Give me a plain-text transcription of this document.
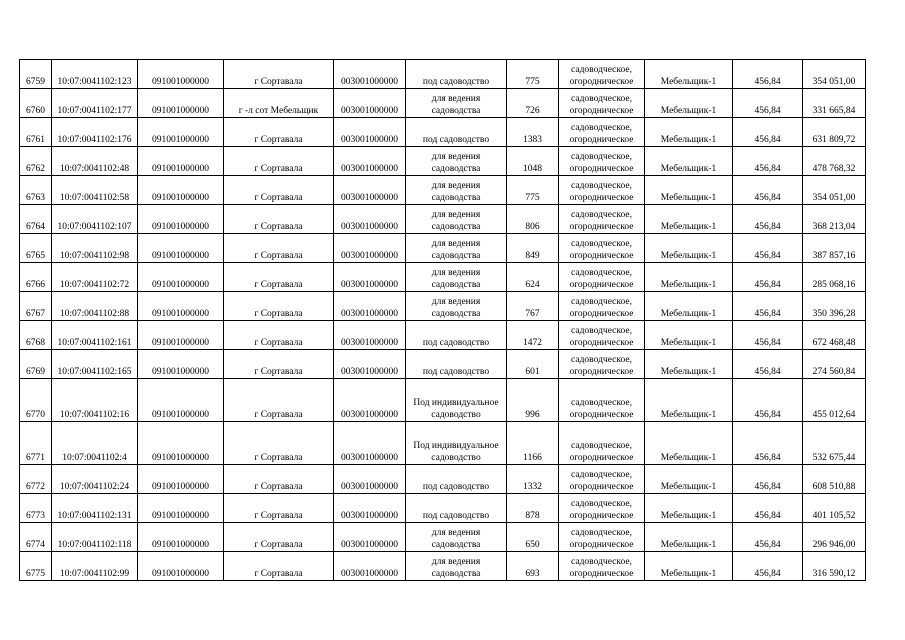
6759	10:07:0041102:123	091001000000	г Сортавала	003001000000	под садоводство	775	садоводческое,
огородническое	Мебельщик-1	456,84	354 051,00
6760	10:07:0041102:177	091001000000	г -л сот Мебельщик	003001000000	для ведения
садоводства	726	садоводческое,
огородническое	Мебельщик-1	456,84	331 665,84
6761	10:07:0041102:176	091001000000	г Сортавала	003001000000	под садоводство	1383	садоводческое,
огородническое	Мебельщик-1	456,84	631 809,72
6762	10:07:0041102:48	091001000000	г Сортавала	003001000000	для ведения
садоводства	1048	садоводческое,
огородническое	Мебельщик-1	456,84	478 768,32
6763	10:07:0041102:58	091001000000	г Сортавала	003001000000	для ведения
садоводства	775	садоводческое,
огородническое	Мебельщик-1	456,84	354 051,00
6764	10:07:0041102:107	091001000000	г Сортавала	003001000000	для ведения
садоводства	806	садоводческое,
огородническое	Мебельщик-1	456,84	368 213,04
6765	10:07:0041102:98	091001000000	г Сортавала	003001000000	для ведения
садоводства	849	садоводческое,
огородническое	Мебельщик-1	456,84	387 857,16
6766	10:07:0041102:72	091001000000	г Сортавала	003001000000	для ведения
садоводства	624	садоводческое,
огородническое	Мебельщик-1	456,84	285 068,16
6767	10:07:0041102:88	091001000000	г Сортавала	003001000000	для ведения
садоводства	767	садоводческое,
огородническое	Мебельщик-1	456,84	350 396,28
6768	10:07:0041102:161	091001000000	г Сортавала	003001000000	под садоводство	1472	садоводческое,
огородническое	Мебельщик-1	456,84	672 468,48
6769	10:07:0041102:165	091001000000	г Сортавала	003001000000	под садоводство	601	садоводческое,
огородническое	Мебельщик-1	456,84	274 560,84
6770	10:07:0041102:16	091001000000	г Сортавала	003001000000	Под индивидуальное
садоводство	996	садоводческое,
огородническое	Мебельщик-1	456,84	455 012,64
6771	10:07:0041102:4	091001000000	г Сортавала	003001000000	Под индивидуальное
садоводство	1166	садоводческое,
огородническое	Мебельщик-1	456,84	532 675,44
6772	10:07:0041102:24	091001000000	г Сортавала	003001000000	под садоводство	1332	садоводческое,
огородническое	Мебельщик-1	456,84	608 510,88
6773	10:07:0041102:131	091001000000	г Сортавала	003001000000	под садоводство	878	садоводческое,
огородническое	Мебельщик-1	456,84	401 105,52
6774	10:07:0041102:118	091001000000	г Сортавала	003001000000	для ведения
садоводства	650	садоводческое,
огородническое	Мебельщик-1	456,84	296 946,00
6775	10:07:0041102:99	091001000000	г Сортавала	003001000000	для ведения
садоводства	693	садоводческое,
огородническое	Мебельщик-1	456,84	316 590,12
